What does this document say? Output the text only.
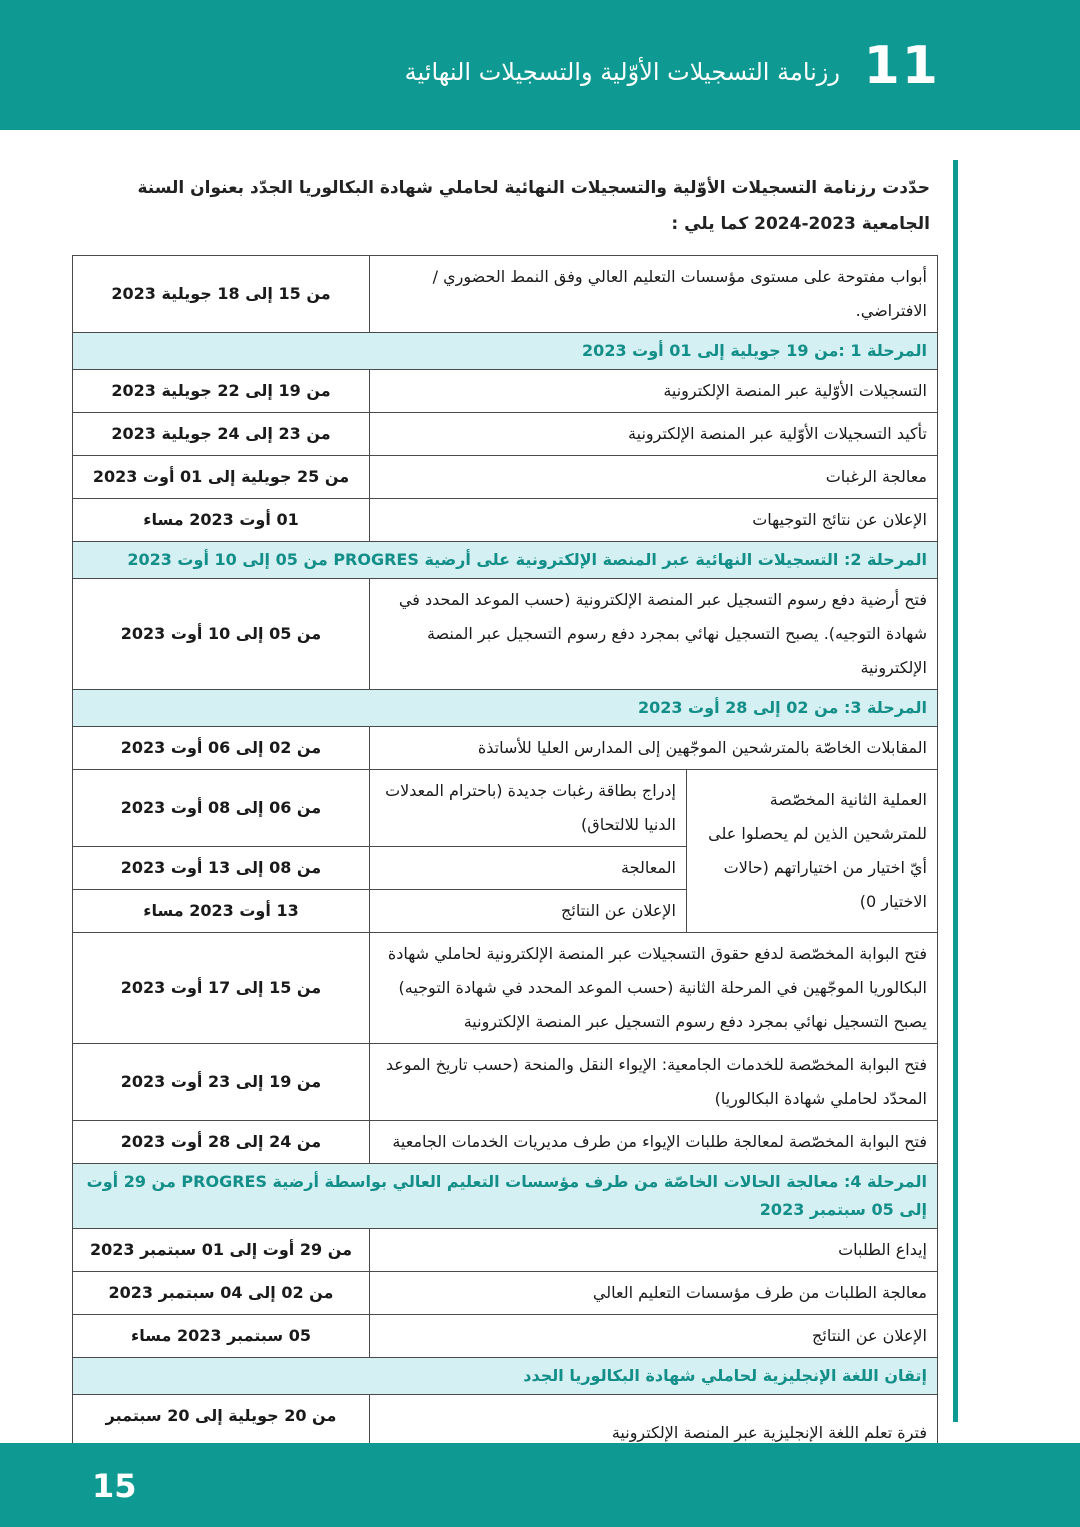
11
رزنامة التسجيلات الأوّلية والتسجيلات النهائية
حدّدت رزنامة التسجيلات الأوّلية والتسجيلات النهائية لحاملي شهادة البكالوريا الجدّد بعنوان السنة الجامعية 2023-2024 كما يلي :
أبواب مفتوحة على مستوى مؤسسات التعليم العالي وفق النمط الحضوري / الافتراضي.		من 15 إلى 18 جويلية 2023
المرحلة 1 :من 19 جويلية إلى 01 أوت 2023		
التسجيلات الأوّلية عبر المنصة الإلكترونية		من 19 إلى 22 جويلية 2023
تأكيد التسجيلات الأوّلية عبر المنصة الإلكترونية		من 23 إلى 24 جويلية 2023
معالجة الرغبات		من 25 جويلية إلى 01 أوت 2023
الإعلان عن نتائج التوجيهات		01 أوت 2023 مساء
المرحلة 2: التسجيلات النهائية عبر المنصة الإلكترونية على أرضية PROGRES من 05 إلى 10 أوت 2023		
فتح أرضية دفع رسوم التسجيل عبر المنصة الإلكترونية (حسب الموعد المحدد في شهادة التوجيه). يصبح التسجيل نهائي بمجرد دفع رسوم التسجيل عبر المنصة الإلكترونية		من 05 إلى 10 أوت 2023
المرحلة 3: من 02 إلى 28 أوت 2023		
المقابلات الخاصّة بالمترشحين الموجّهين إلى المدارس العليا للأساتذة		من 02 إلى 06 أوت 2023
العملية الثانية المخصّصة للمترشحين الذين لم يحصلوا على أيّ اختيار من اختياراتهم (حالات الاختيار 0)	إدراج بطاقة رغبات جديدة (باحترام المعدلات الدنيا للالتحاق)	من 06 إلى 08 أوت 2023
	المعالجة	من 08 إلى 13 أوت 2023
	الإعلان عن النتائج	13 أوت 2023 مساء
فتح البوابة المخصّصة لدفع حقوق التسجيلات عبر المنصة الإلكترونية لحاملي شهادة البكالوريا الموجّهين في المرحلة الثانية (حسب الموعد المحدد في شهادة التوجيه) يصبح التسجيل نهائي بمجرد دفع رسوم التسجيل عبر المنصة الإلكترونية		من 15 إلى 17 أوت 2023
فتح البوابة المخصّصة للخدمات الجامعية: الإيواء النقل والمنحة (حسب تاريخ الموعد المحدّد لحاملي شهادة البكالوريا)		من 19 إلى 23 أوت 2023
فتح البوابة المخصّصة لمعالجة طلبات الإيواء من طرف مديريات الخدمات الجامعية		من 24 إلى 28 أوت 2023
المرحلة 4: معالجة الحالات الخاصّة من طرف مؤسسات التعليم العالي بواسطة أرضية PROGRES من 29 أوت إلى 05 سبتمبر 2023		
إيداع الطلبات		من 29 أوت إلى 01 سبتمبر 2023
معالجة الطلبات من طرف مؤسسات التعليم العالي		من 02 إلى 04 سبتمبر 2023
الإعلان عن النتائج		05 سبتمبر 2023 مساء
إتقان اللغة الإنجليزية لحاملي شهادة البكالوريا الجدد		
فترة تعلم اللغة الإنجليزية عبر المنصة الإلكترونية		من 20 جويلية إلى 20 سبتمبر
15
